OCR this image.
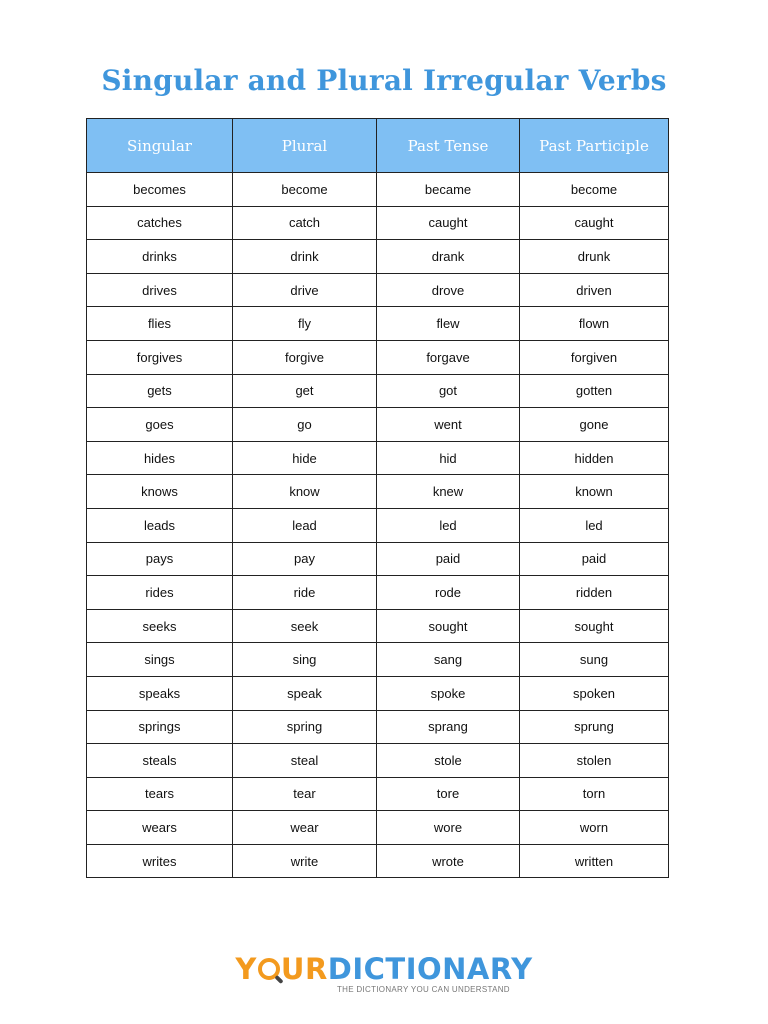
Singular and Plural Irregular Verbs
Singular	Plural	Past Tense	Past Participle
becomes	become	became	become
catches	catch	caught	caught
drinks	drink	drank	drunk
drives	drive	drove	driven
flies	fly	flew	flown
forgives	forgive	forgave	forgiven
gets	get	got	gotten
goes	go	went	gone
hides	hide	hid	hidden
knows	know	knew	known
leads	lead	led	led
pays	pay	paid	paid
rides	ride	rode	ridden
seeks	seek	sought	sought
sings	sing	sang	sung
speaks	speak	spoke	spoken
springs	spring	sprang	sprung
steals	steal	stole	stolen
tears	tear	tore	torn
wears	wear	wore	worn
writes	write	wrote	written
Y URDICTIONARY
THE DICTIONARY YOU CAN UNDERSTAND
